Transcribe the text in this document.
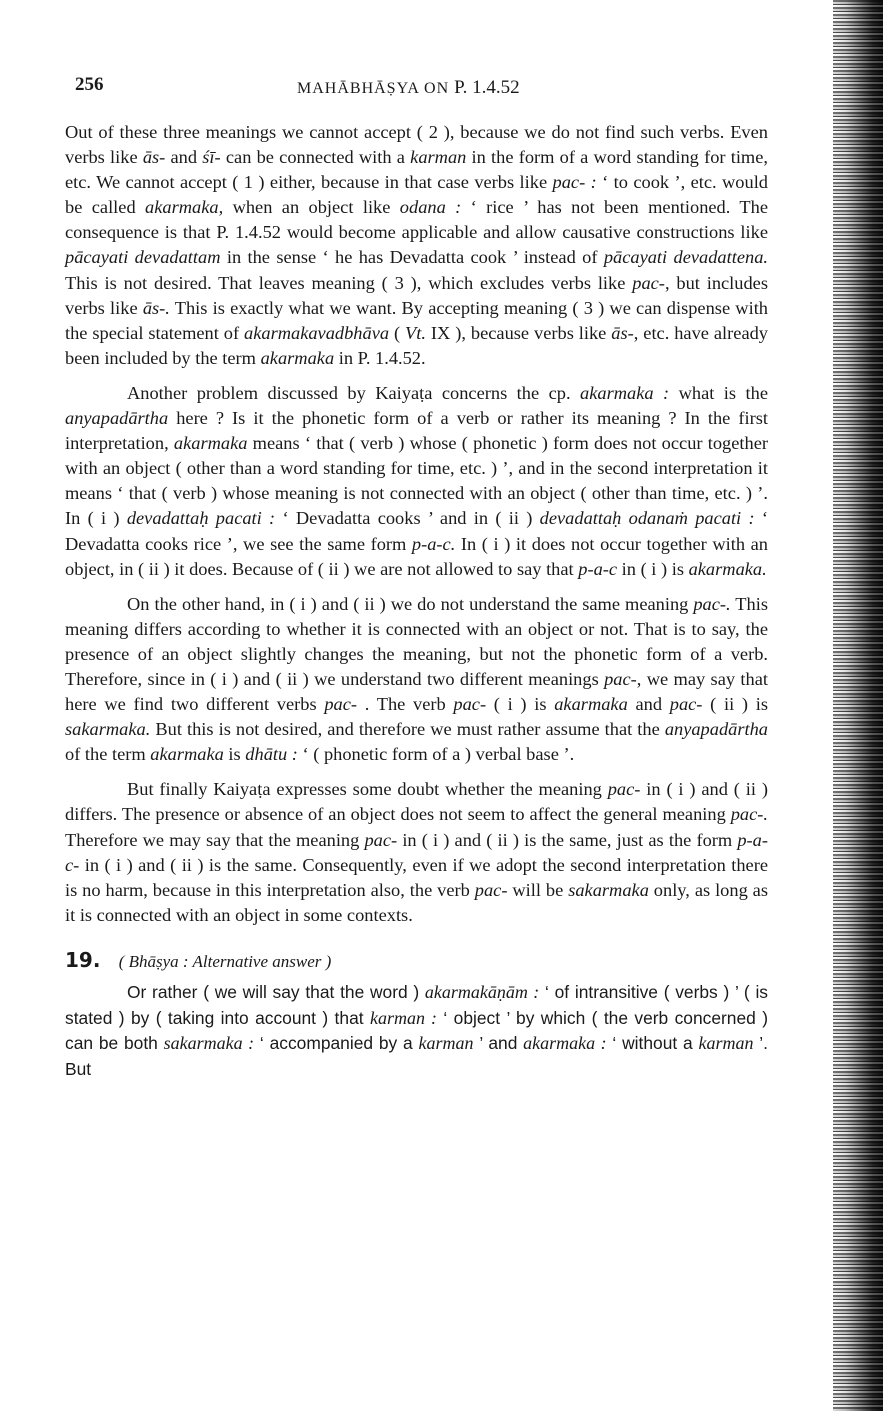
256	MAHĀBHĀṢYA ON P. 1.4.52

Out of these three meanings we cannot accept ( 2 ), because we do not find such verbs. Even verbs like ās- and śī- can be connected with a karman in the form of a word standing for time, etc. We cannot accept ( 1 ) either, because in that case verbs like pac- : ‘ to cook ’, etc. would be called akarmaka, when an object like odana : ‘ rice ’ has not been mentioned. The consequence is that P. 1.4.52 would become applicable and allow causative constructions like pācayati devadattam in the sense ‘ he has Devadatta cook ’ instead of pācayati devadattena. This is not desired. That leaves meaning ( 3 ), which excludes verbs like pac-, but includes verbs like ās-. This is exactly what we want. By accepting meaning ( 3 ) we can dispense with the special statement of akarmakavadbhāva ( Vt. IX ), because verbs like ās-, etc. have already been included by the term akarmaka in P. 1.4.52.

Another problem discussed by Kaiyaṭa concerns the cp. akarmaka : what is the anyapadārtha here ? Is it the phonetic form of a verb or rather its meaning ? In the first interpretation, akarmaka means ‘ that ( verb ) whose ( phonetic ) form does not occur together with an object ( other than a word standing for time, etc. ) ’, and in the second interpretation it means ‘ that ( verb ) whose meaning is not connected with an object ( other than time, etc. ) ’. In ( i ) devadattaḥ pacati : ‘ Devadatta cooks ’ and in ( ii ) devadattaḥ odanaṁ pacati : ‘ Devadatta cooks rice ’, we see the same form p-a-c. In ( i ) it does not occur together with an object, in ( ii ) it does. Because of ( ii ) we are not allowed to say that p-a-c in ( i ) is akarmaka.

On the other hand, in ( i ) and ( ii ) we do not understand the same meaning pac-. This meaning differs according to whether it is connected with an object or not. That is to say, the presence of an object slightly changes the meaning, but not the phonetic form of a verb. Therefore, since in ( i ) and ( ii ) we understand two different meanings pac-, we may say that here we find two different verbs pac- . The verb pac- ( i ) is akarmaka and pac- ( ii ) is sakarmaka. But this is not desired, and therefore we must rather assume that the anyapadārtha of the term akarmaka is dhātu : ‘ ( phonetic form of a ) verbal base ’.

But finally Kaiyaṭa expresses some doubt whether the meaning pac- in ( i ) and ( ii ) differs. The presence or absence of an object does not seem to affect the general meaning pac-. Therefore we may say that the meaning pac- in ( i ) and ( ii ) is the same, just as the form p-a-c- in ( i ) and ( ii ) is the same. Consequently, even if we adopt the second interpretation there is no harm, because in this interpretation also, the verb pac- will be sakarmaka only, as long as it is connected with an object in some contexts.

19. ( Bhāṣya : Alternative answer )

Or rather ( we will say that the word ) akarmakāṇām : ‘ of intransitive ( verbs ) ’ ( is stated ) by ( taking into account ) that karman : ‘ object ’ by which ( the verb concerned ) can be both sakarmaka : ‘ accompanied by a karman ’ and akarmaka : ‘ without a karman ’. But
